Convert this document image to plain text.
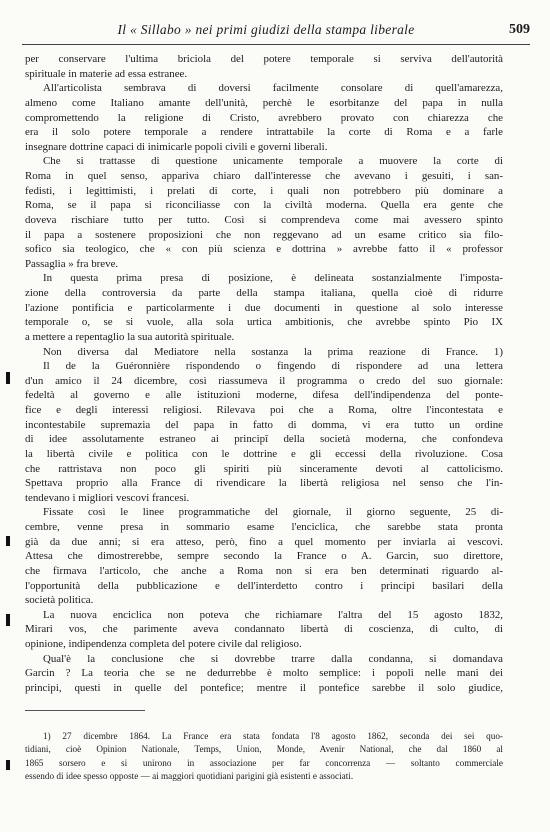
Il « Sillabo » nei primi giudizi della stampa liberale	509
per conservare l'ultima briciola del potere temporale si serviva dell'autorità
spirituale in materie ad essa estranee.
All'articolista sembrava di doversi facilmente consolare di quell'amarezza,
almeno come Italiano amante dell'unità, perchè le esorbitanze del papa in nulla
compromettendo la religione di Cristo, avrebbero provato con chiarezza che
era il solo potere temporale a rendere intrattabile la corte di Roma e a farle
insegnare dottrine capaci di inimicarle popoli civili e governi liberali.
Che si trattasse di questione unicamente temporale a muovere la corte di
Roma in quel senso, appariva chiaro dall'interesse che avevano i gesuiti, i san-
fedisti, i legittimisti, i prelati di corte, i quali non potrebbero più dominare a
Roma, se il papa si riconciliasse con la civiltà moderna. Quella era gente che
doveva rischiare tutto per tutto. Così si comprendeva come mai avessero spinto
il papa a sostenere proposizioni che non reggevano ad un esame critico sia filo-
sofico sia teologico, che « con più scienza e dottrina » avrebbe fatto il « professor
Passaglia » fra breve.
In questa prima presa di posizione, è delineata sostanzialmente l'imposta-
zione della controversia da parte della stampa italiana, quella cioè di ridurre
l'azione pontificia e particolarmente i due documenti in questione al solo interesse
temporale o, se si vuole, alla sola urtica ambitionis, che avrebbe spinto Pio IX
a mettere a repentaglio la sua autorità spirituale.
Non diversa dal Mediatore nella sostanza la prima reazione di France. 1)
Il de la Guéronnière rispondendo o fingendo di rispondere ad una lettera
d'un amico il 24 dicembre, così riassumeva il programma o credo del suo giornale:
fedeltà al governo e alle istituzioni moderne, difesa dell'indipendenza del ponte-
fice e degli interessi religiosi. Rilevava poi che a Roma, oltre l'incontestata e
incontestabile supremazia del papa in fatto di domma, vi era tutto un ordine
di idee assolutamente estraneo ai principî della società moderna, che confondeva
la libertà civile e politica con le dottrine e gli eccessi della rivoluzione. Cosa
che rattristava non poco gli spiriti più sinceramente devoti al cattolicismo.
Spettava proprio alla France di rivendicare la libertà religiosa nel senso che l'in-
tendevano i migliori vescovi francesi.
Fissate così le linee programmatiche del giornale, il giorno seguente, 25 di-
cembre, venne presa in sommario esame l'enciclica, che sarebbe stata pronta
già da due anni; si era atteso, però, fino a quel momento per inviarla ai vescovi.
Attesa che dimostrerebbe, sempre secondo la France o A. Garcin, suo direttore,
che firmava l'articolo, che anche a Roma non si era ben determinati riguardo al-
l'opportunità della pubblicazione e dell'interdetto contro i principi basilari della
società politica.
La nuova enciclica non poteva che richiamare l'altra del 15 agosto 1832,
Mirari vos, che parimente aveva condannato libertà di coscienza, di culto, di
opinione, indipendenza completa del potere civile dal religioso.
Qual'è la conclusione che si dovrebbe trarre dalla condanna, si domandava
Garcin ? La teoria che se ne dedurrebbe è molto semplice: i popoli nelle mani dei
principi, questi in quelle del pontefice; mentre il pontefice sarebbe il solo giudice,
1) 27 dicembre 1864. La France era stata fondata l'8 agosto 1862, seconda dei sei quo-
tidiani, cioè Opinion Nationale, Temps, Union, Monde, Avenir National, che dal 1860 al
1865 sorsero e si unirono in associazione per far concorrenza — soltanto commerciale
essendo di idee spesso opposte — ai maggiori quotidiani parigini già esistenti e associati.
